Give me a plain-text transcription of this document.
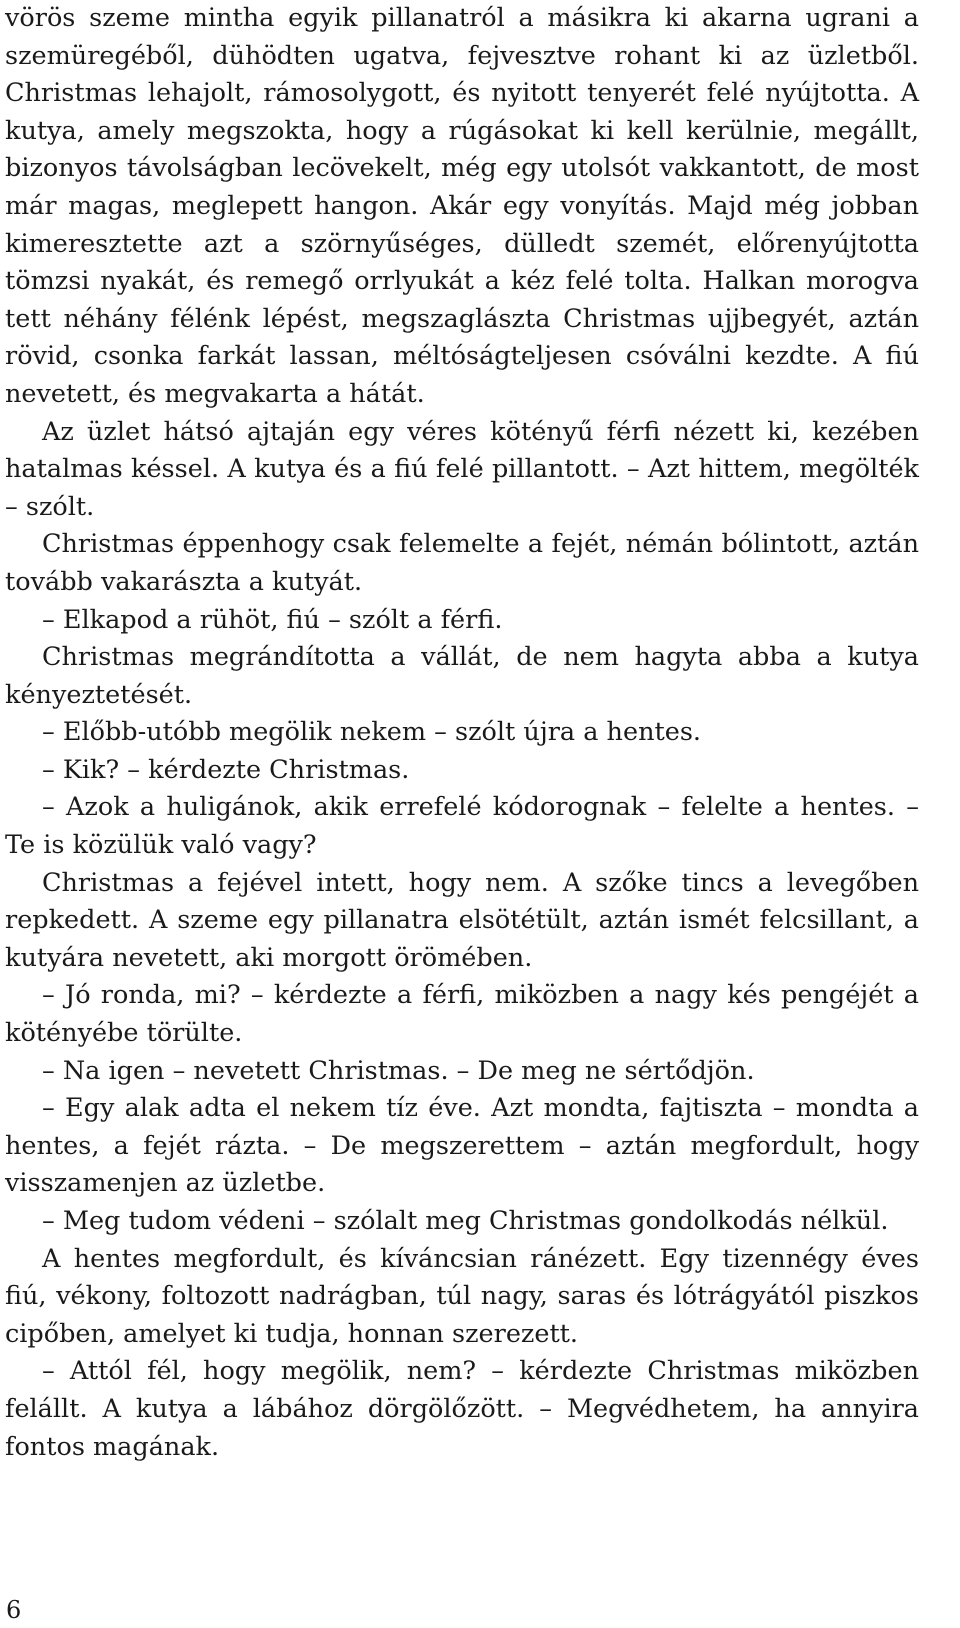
vörös szeme mintha egyik pillanatról a másikra ki akarna ugrani a szemüregéből, dühödten ugatva, fejvesztve rohant ki az üzletből. Christmas lehajolt, rámosolygott, és nyitott tenyerét felé nyújtotta. A kutya, amely megszokta, hogy a rúgásokat ki kell kerülnie, megállt, bizonyos távolságban lecövekelt, még egy utolsót vakkantott, de most már magas, meglepett hangon. Akár egy vonyítás. Majd még jobban kimeresztette azt a szörnyűséges, dülledt szemét, előrenyújtotta tömzsi nyakát, és remegő orrlyukát a kéz felé tolta. Halkan morogva tett néhány félénk lépést, megszaglászta Christmas ujjbegyét, aztán rövid, csonka farkát lassan, méltóságteljesen csóválni kezdte. A fiú nevetett, és megvakarta a hátát.

Az üzlet hátsó ajtaján egy véres kötényű férfi nézett ki, kezében hatalmas késsel. A kutya és a fiú felé pillantott. – Azt hittem, megölték – szólt.

Christmas éppenhogy csak felemelte a fejét, némán bólintott, aztán tovább vakarászta a kutyát.

– Elkapod a rühöt, fiú – szólt a férfi.

Christmas megrándította a vállát, de nem hagyta abba a kutya kényeztetését.

– Előbb-utóbb megölik nekem – szólt újra a hentes.

– Kik? – kérdezte Christmas.

– Azok a huligánok, akik errefelé kódorognak – felelte a hentes. – Te is közülük való vagy?

Christmas a fejével intett, hogy nem. A szőke tincs a levegőben repkedett. A szeme egy pillanatra elsötétült, aztán ismét felcsillant, a kutyára nevetett, aki morgott örömében.

– Jó ronda, mi? – kérdezte a férfi, miközben a nagy kés pengéjét a kötényébe törülte.

– Na igen – nevetett Christmas. – De meg ne sértődjön.

– Egy alak adta el nekem tíz éve. Azt mondta, fajtiszta – mondta a hentes, a fejét rázta. – De megszerettem – aztán megfordult, hogy visszamenjen az üzletbe.

– Meg tudom védeni – szólalt meg Christmas gondolkodás nélkül.

A hentes megfordult, és kíváncsian ránézett. Egy tizennégy éves fiú, vékony, foltozott nadrágban, túl nagy, saras és lótrágyától piszkos cipőben, amelyet ki tudja, honnan szerezett.

– Attól fél, hogy megölik, nem? – kérdezte Christmas miközben felállt. A kutya a lábához dörgölőzött. – Megvédhetem, ha annyira fontos magának.

6
